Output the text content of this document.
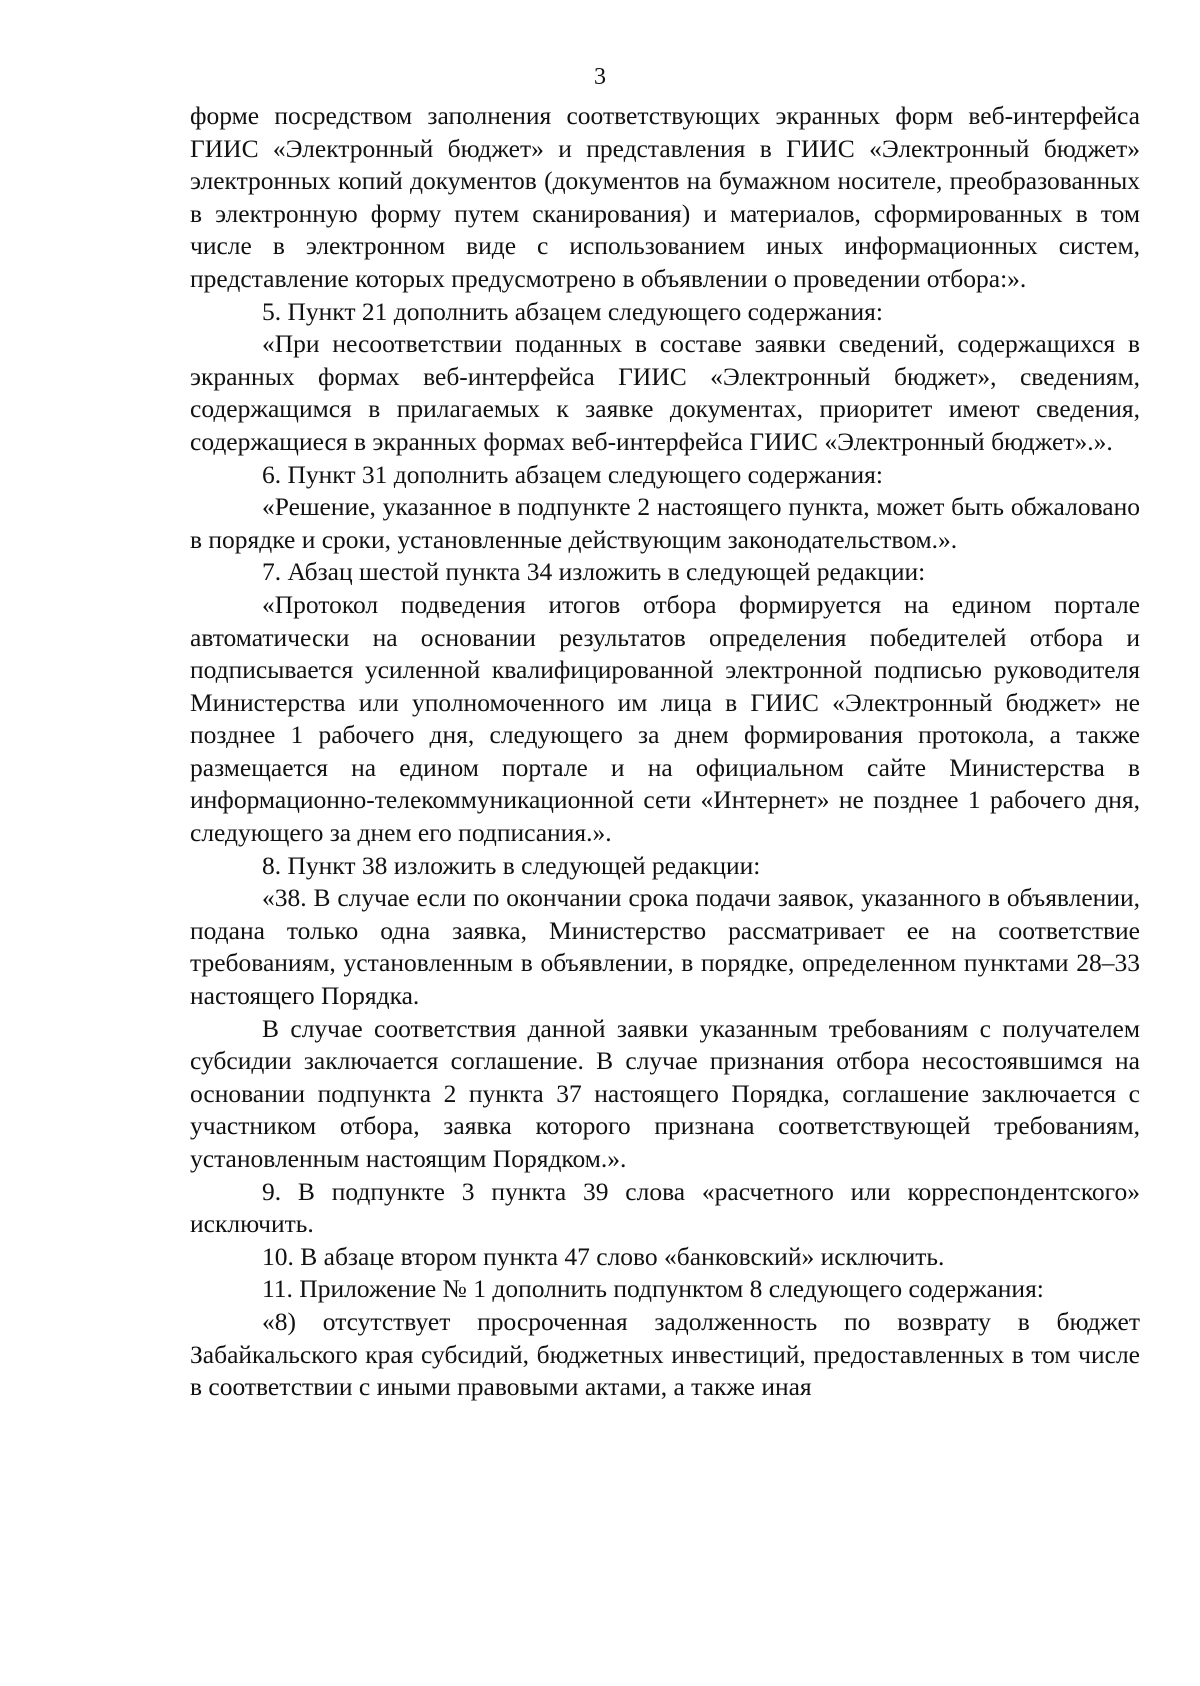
3

форме посредством заполнения соответствующих экранных форм веб-интерфейса ГИИС «Электронный бюджет» и представления в ГИИС «Электронный бюджет» электронных копий документов (документов на бумажном носителе, преобразованных в электронную форму путем сканирования) и материалов, сформированных в том числе в электронном виде с использованием иных информационных систем, представление которых предусмотрено в объявлении о проведении отбора:».

5. Пункт 21 дополнить абзацем следующего содержания:

«При несоответствии поданных в составе заявки сведений, содержащихся в экранных формах веб-интерфейса ГИИС «Электронный бюджет», сведениям, содержащимся в прилагаемых к заявке документах, приоритет имеют сведения, содержащиеся в экранных формах веб-интерфейса ГИИС «Электронный бюджет».».

6. Пункт 31 дополнить абзацем следующего содержания:

«Решение, указанное в подпункте 2 настоящего пункта, может быть обжаловано в порядке и сроки, установленные действующим законодательством.».

7. Абзац шестой пункта 34 изложить в следующей редакции:

«Протокол подведения итогов отбора формируется на едином портале автоматически на основании результатов определения победителей отбора и подписывается усиленной квалифицированной электронной подписью руководителя Министерства или уполномоченного им лица в ГИИС «Электронный бюджет» не позднее 1 рабочего дня, следующего за днем формирования протокола, а также размещается на едином портале и на официальном сайте Министерства в информационно-телекоммуникационной сети «Интернет» не позднее 1 рабочего дня, следующего за днем его подписания.».

8. Пункт 38 изложить в следующей редакции:

«38. В случае если по окончании срока подачи заявок, указанного в объявлении, подана только одна заявка, Министерство рассматривает ее на соответствие требованиям, установленным в объявлении, в порядке, определенном пунктами 28–33 настоящего Порядка.

В случае соответствия данной заявки указанным требованиям с получателем субсидии заключается соглашение. В случае признания отбора несостоявшимся на основании подпункта 2 пункта 37 настоящего Порядка, соглашение заключается с участником отбора, заявка которого признана соответствующей требованиям, установленным настоящим Порядком.».

9. В подпункте 3 пункта 39 слова «расчетного или корреспондентского» исключить.

10. В абзаце втором пункта 47 слово «банковский» исключить.

11. Приложение № 1 дополнить подпунктом 8 следующего содержания:

«8) отсутствует просроченная задолженность по возврату в бюджет Забайкальского края субсидий, бюджетных инвестиций, предоставленных в том числе в соответствии с иными правовыми актами, а также иная
